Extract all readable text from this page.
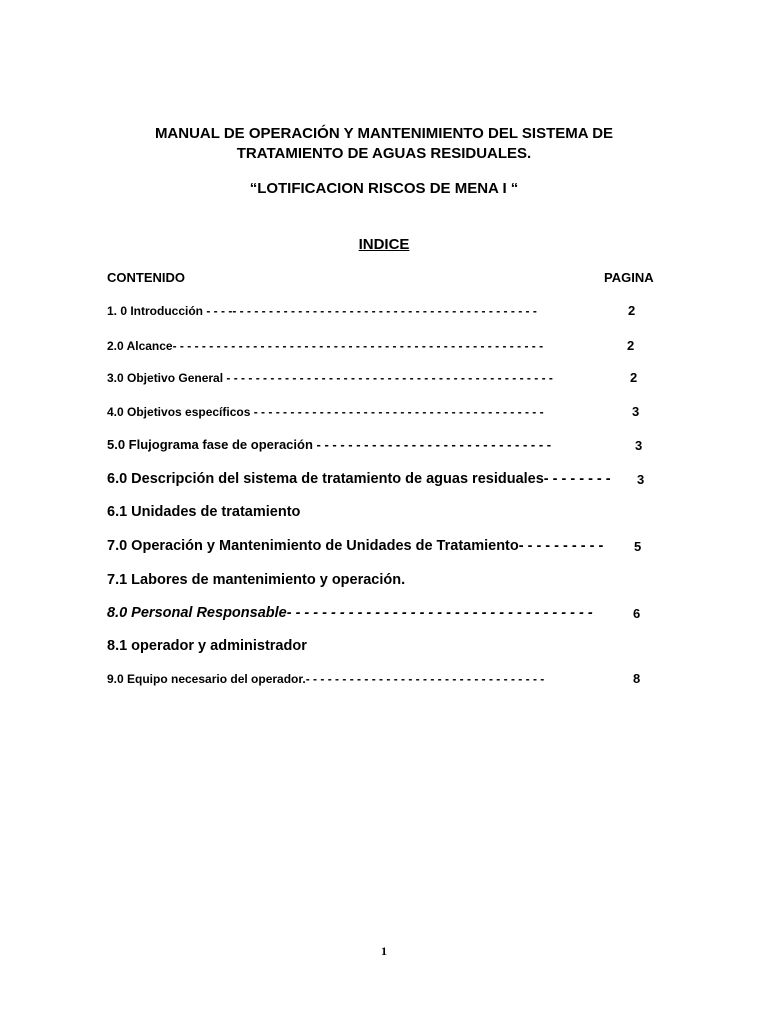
MANUAL DE OPERACIÓN Y MANTENIMIENTO DEL SISTEMA DE
TRATAMIENTO DE AGUAS RESIDUALES.
“LOTIFICACION RISCOS DE MENA I “
INDICE
CONTENIDO	PAGINA
1. 0 Introducción - - - -- - - - - - - - - - - - - - - - - - - - - - - - - - - - - - - - - - - - - - - - - -	2
2.0 Alcance- - - - - - - - - - - - - - - - - - - - - - - - - - - - - - - - - - - - - - - - - - - - - - - - - - -	2
3.0 Objetivo General - - - - - - - - - - - - - - - - - - - - - - - - - - - - - - - - - - - - - - - - - - - - -	2
4.0 Objetivos específicos - - - - - - - - - - - - - - - - - - - - - - - - - - - - - - - - - - - - - - - -	3
5.0 Flujograma fase de operación - - - - - - - - - - - - - - - - - - - - - - - - - - - - - -	3
6.0 Descripción del sistema de tratamiento de aguas residuales- - - - - - - - 3
6.1 Unidades de tratamiento
7.0 Operación y Mantenimiento de Unidades de Tratamiento- - - - - - - - - - 5
7.1 Labores de mantenimiento y operación.
8.0 Personal Responsable- - - - - - - - - - - - - - - - - - - - - - - - - - - - - - - - - - -	6
8.1 operador y administrador
9.0 Equipo necesario del operador.- - - - - - - - - - - - - - - - - - - - - - - - - - - - - - - - -	8
1
